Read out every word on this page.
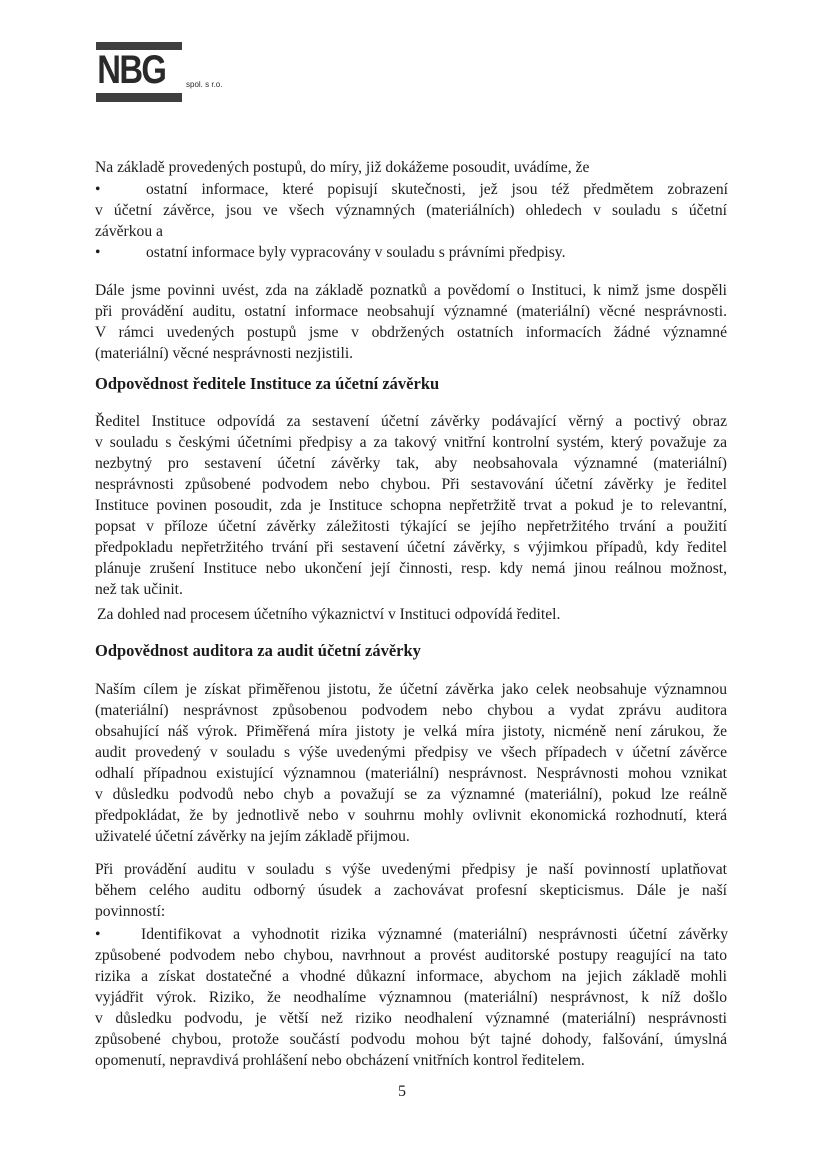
NBG	spol. s r.o.
Na základě provedených postupů, do míry, již dokážeme posoudit, uvádíme, že
•	ostatní informace, které popisují skutečnosti, jež jsou též předmětem zobrazení
v účetní závěrce, jsou ve všech významných (materiálních) ohledech v souladu s účetní
závěrkou a
•	ostatní informace byly vypracovány v souladu s právními předpisy.
Dále jsme povinni uvést, zda na základě poznatků a povědomí o Instituci, k nimž jsme dospěli
při provádění auditu, ostatní informace neobsahují významné (materiální) věcné nesprávnosti.
V rámci uvedených postupů jsme v obdržených ostatních informacích žádné významné
(materiální) věcné nesprávnosti nezjistili.
Odpovědnost ředitele Instituce za účetní závěrku
Ředitel Instituce odpovídá za sestavení účetní závěrky podávající věrný a poctivý obraz
v souladu s českými účetními předpisy a za takový vnitřní kontrolní systém, který považuje za
nezbytný pro sestavení účetní závěrky tak, aby neobsahovala významné (materiální)
nesprávnosti způsobené podvodem nebo chybou. Při sestavování účetní závěrky je ředitel
Instituce povinen posoudit, zda je Instituce schopna nepřetržitě trvat a pokud je to relevantní,
popsat v příloze účetní závěrky záležitosti týkající se jejího nepřetržitého trvání a použití
předpokladu nepřetržitého trvání při sestavení účetní závěrky, s výjimkou případů, kdy ředitel
plánuje zrušení Instituce nebo ukončení její činnosti, resp. kdy nemá jinou reálnou možnost,
než tak učinit.
Za dohled nad procesem účetního výkaznictví v Instituci odpovídá ředitel.
Odpovědnost auditora za audit účetní závěrky
Naším cílem je získat přiměřenou jistotu, že účetní závěrka jako celek neobsahuje významnou
(materiální) nesprávnost způsobenou podvodem nebo chybou a vydat zprávu auditora
obsahující náš výrok. Přiměřená míra jistoty je velká míra jistoty, nicméně není zárukou, že
audit provedený v souladu s výše uvedenými předpisy ve všech případech v účetní závěrce
odhalí případnou existující významnou (materiální) nesprávnost. Nesprávnosti mohou vznikat
v důsledku podvodů nebo chyb a považují se za významné (materiální), pokud lze reálně
předpokládat, že by jednotlivě nebo v souhrnu mohly ovlivnit ekonomická rozhodnutí, která
uživatelé účetní závěrky na jejím základě přijmou.
Při provádění auditu v souladu s výše uvedenými předpisy je naší povinností uplatňovat
během celého auditu odborný úsudek a zachovávat profesní skepticismus. Dále je naší
povinností:
•	Identifikovat a vyhodnotit rizika významné (materiální) nesprávnosti účetní závěrky
způsobené podvodem nebo chybou, navrhnout a provést auditorské postupy reagující na tato
rizika a získat dostatečné a vhodné důkazní informace, abychom na jejich základě mohli
vyjádřit výrok. Riziko, že neodhalíme významnou (materiální) nesprávnost, k níž došlo
v důsledku podvodu, je větší než riziko neodhalení významné (materiální) nesprávnosti
způsobené chybou, protože součástí podvodu mohou být tajné dohody, falšování, úmyslná
opomenutí, nepravdivá prohlášení nebo obcházení vnitřních kontrol ředitelem.
5
